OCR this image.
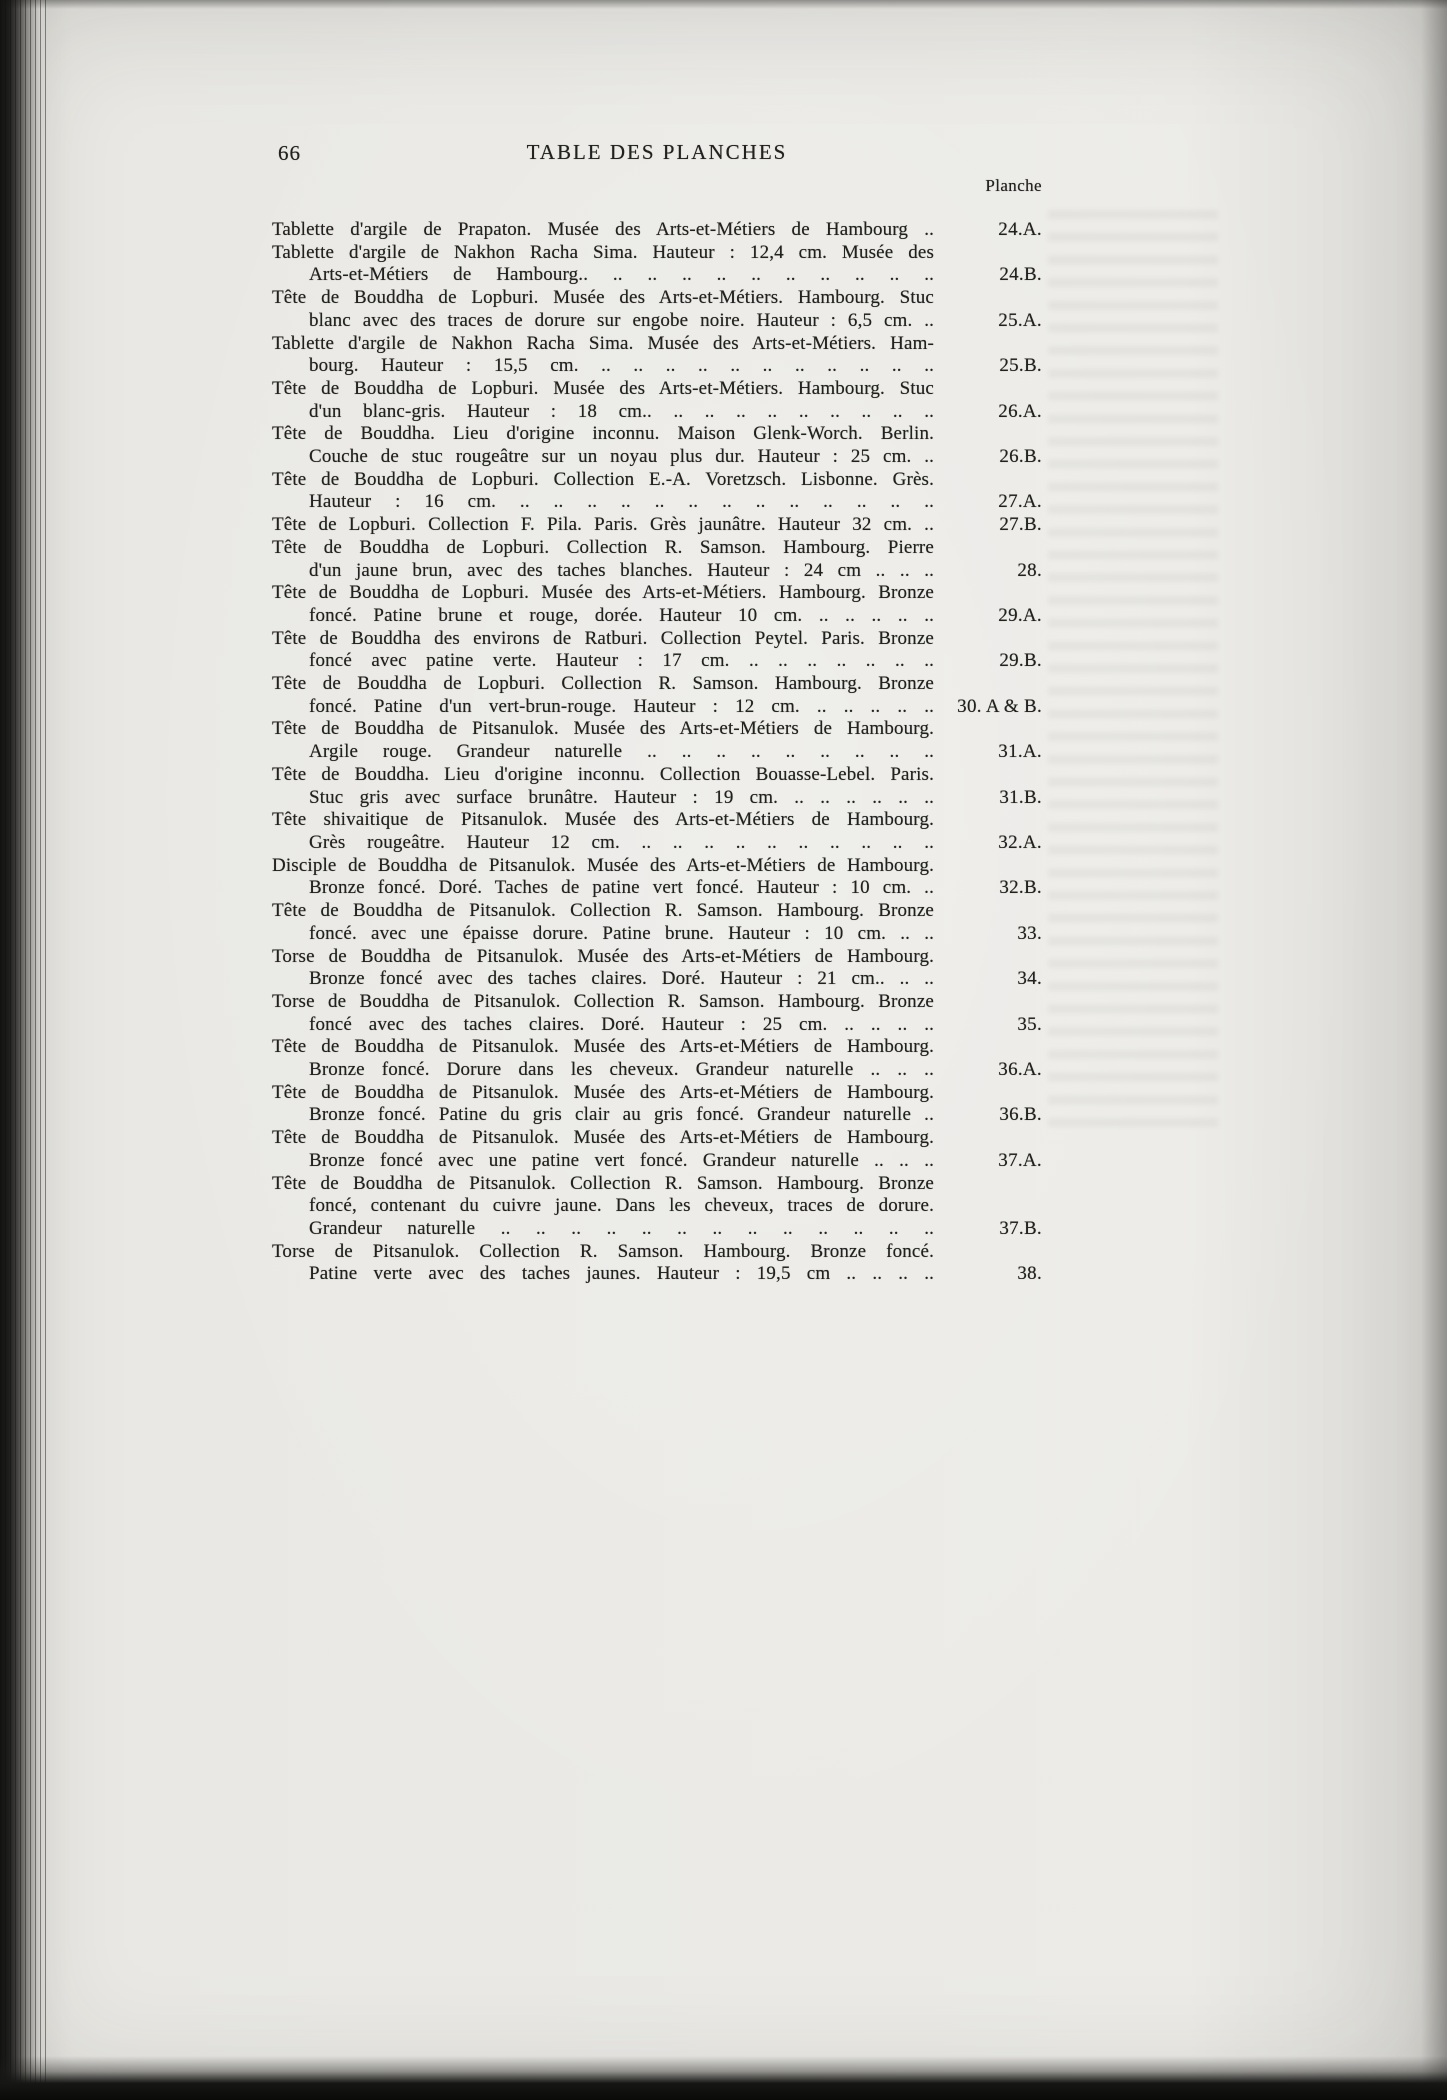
66	TABLE DES PLANCHES
Planche
Tablette d'argile de Prapaton. Musée des Arts-et-Métiers de Hambourg ..	24.A.
Tablette d'argile de Nakhon Racha Sima. Hauteur : 12,4 cm. Musée des
Arts-et-Métiers de Hambourg.. .. .. .. .. .. .. .. .. .. ..	24.B.
Tête de Bouddha de Lopburi. Musée des Arts-et-Métiers. Hambourg. Stuc
blanc avec des traces de dorure sur engobe noire. Hauteur : 6,5 cm. ..	25.A.
Tablette d'argile de Nakhon Racha Sima. Musée des Arts-et-Métiers. Ham-
bourg. Hauteur : 15,5 cm. .. .. .. .. .. .. .. .. .. .. ..	25.B.
Tête de Bouddha de Lopburi. Musée des Arts-et-Métiers. Hambourg. Stuc
d'un blanc-gris. Hauteur : 18 cm.. .. .. .. .. .. .. .. .. ..	26.A.
Tête de Bouddha. Lieu d'origine inconnu. Maison Glenk-Worch. Berlin.
Couche de stuc rougeâtre sur un noyau plus dur. Hauteur : 25 cm. ..	26.B.
Tête de Bouddha de Lopburi. Collection E.-A. Voretzsch. Lisbonne. Grès.
Hauteur : 16 cm. .. .. .. .. .. .. .. .. .. .. .. .. ..	27.A.
Tête de Lopburi. Collection F. Pila. Paris. Grès jaunâtre. Hauteur 32 cm. ..	27.B.
Tête de Bouddha de Lopburi. Collection R. Samson. Hambourg. Pierre
d'un jaune brun, avec des taches blanches. Hauteur : 24 cm .. .. ..	28.
Tête de Bouddha de Lopburi. Musée des Arts-et-Métiers. Hambourg. Bronze
foncé. Patine brune et rouge, dorée. Hauteur 10 cm. .. .. .. .. ..	29.A.
Tête de Bouddha des environs de Ratburi. Collection Peytel. Paris. Bronze
foncé avec patine verte. Hauteur : 17 cm. .. .. .. .. .. .. ..	29.B.
Tête de Bouddha de Lopburi. Collection R. Samson. Hambourg. Bronze
foncé. Patine d'un vert-brun-rouge. Hauteur : 12 cm. .. .. .. .. .. 30. A & B.
Tête de Bouddha de Pitsanulok. Musée des Arts-et-Métiers de Hambourg.
Argile rouge. Grandeur naturelle .. .. .. .. .. .. .. .. ..	31.A.
Tête de Bouddha. Lieu d'origine inconnu. Collection Bouasse-Lebel. Paris.
Stuc gris avec surface brunâtre. Hauteur : 19 cm. .. .. .. .. .. ..	31.B.
Tête shivaitique de Pitsanulok. Musée des Arts-et-Métiers de Hambourg.
Grès rougeâtre. Hauteur 12 cm. .. .. .. .. .. .. .. .. .. ..	32.A.
Disciple de Bouddha de Pitsanulok. Musée des Arts-et-Métiers de Hambourg.
Bronze foncé. Doré. Taches de patine vert foncé. Hauteur : 10 cm. ..	32.B.
Tête de Bouddha de Pitsanulok. Collection R. Samson. Hambourg. Bronze
foncé. avec une épaisse dorure. Patine brune. Hauteur : 10 cm. .. ..	33.
Torse de Bouddha de Pitsanulok. Musée des Arts-et-Métiers de Hambourg.
Bronze foncé avec des taches claires. Doré. Hauteur : 21 cm.. .. ..	34.
Torse de Bouddha de Pitsanulok. Collection R. Samson. Hambourg. Bronze
foncé avec des taches claires. Doré. Hauteur : 25 cm. .. .. .. ..	35.
Tête de Bouddha de Pitsanulok. Musée des Arts-et-Métiers de Hambourg.
Bronze foncé. Dorure dans les cheveux. Grandeur naturelle .. .. ..	36.A.
Tête de Bouddha de Pitsanulok. Musée des Arts-et-Métiers de Hambourg.
Bronze foncé. Patine du gris clair au gris foncé. Grandeur naturelle ..	36.B.
Tête de Bouddha de Pitsanulok. Musée des Arts-et-Métiers de Hambourg.
Bronze foncé avec une patine vert foncé. Grandeur naturelle .. .. ..	37.A.
Tête de Bouddha de Pitsanulok. Collection R. Samson. Hambourg. Bronze
foncé, contenant du cuivre jaune. Dans les cheveux, traces de dorure.
Grandeur naturelle .. .. .. .. .. .. .. .. .. .. .. .. ..	37.B.
Torse de Pitsanulok. Collection R. Samson. Hambourg. Bronze foncé.
Patine verte avec des taches jaunes. Hauteur : 19,5 cm .. .. .. ..	38.
